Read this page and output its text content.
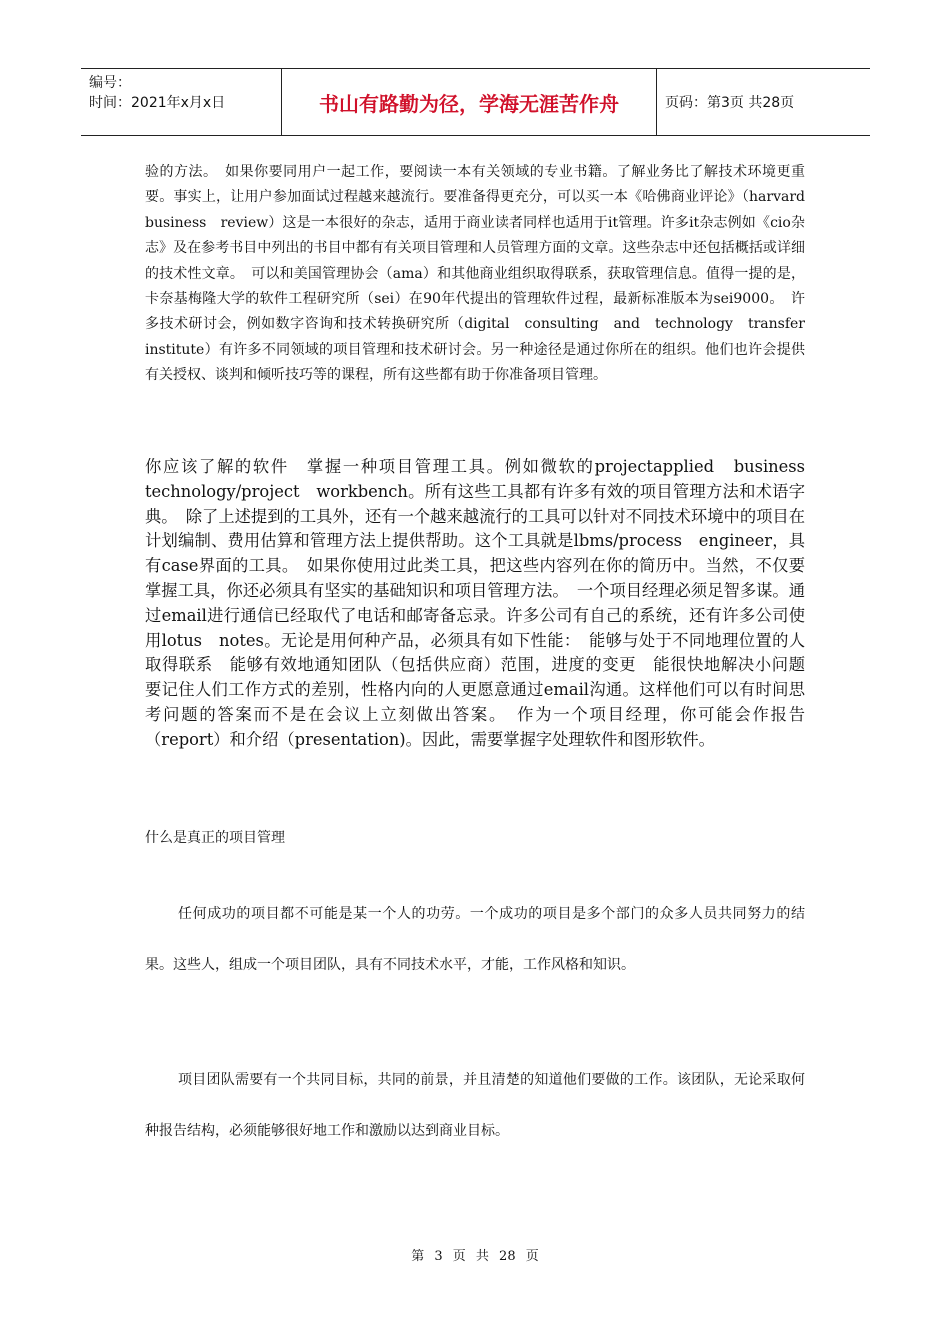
编号：
时间：2021年x月x日	书山有路勤为径，学海无涯苦作舟	页码：第3页 共28页

验的方法。　如果你要同用户一起工作，要阅读一本有关领域的专业书籍。了解业务比了解技术环境更重要。事实上，让用户参加面试过程越来越流行。要准备得更充分，可以买一本《哈佛商业评论》（harvard　business　review）这是一本很好的杂志，适用于商业读者同样也适用于it管理。许多it杂志例如《cio杂志》及在参考书目中列出的书目中都有有关项目管理和人员管理方面的文章。这些杂志中还包括概括或详细的技术性文章。　可以和美国管理协会（ama）和其他商业组织取得联系，获取管理信息。值得一提的是，卡奈基梅隆大学的软件工程研究所（sei）在90年代提出的管理软件过程，最新标准版本为sei9000。　许多技术研讨会，例如数字咨询和技术转换研究所（digital　consulting　and　technology　transfer　institute）有许多不同领域的项目管理和技术研讨会。另一种途径是通过你所在的组织。他们也许会提供有关授权、谈判和倾听技巧等的课程，所有这些都有助于你准备项目管理。

你应该了解的软件　掌握一种项目管理工具。例如微软的projectapplied　business　technology/project　workbench。所有这些工具都有许多有效的项目管理方法和术语字典。　除了上述提到的工具外，还有一个越来越流行的工具可以针对不同技术环境中的项目在计划编制、费用估算和管理方法上提供帮助。这个工具就是lbms/process　engineer，具有case界面的工具。　如果你使用过此类工具，把这些内容列在你的简历中。当然，不仅要掌握工具，你还必须具有坚实的基础知识和项目管理方法。　一个项目经理必须足智多谋。通过email进行通信已经取代了电话和邮寄备忘录。许多公司有自己的系统，还有许多公司使用lotus　notes。无论是用何种产品，必须具有如下性能：　能够与处于不同地理位置的人取得联系　能够有效地通知团队（包括供应商）范围，进度的变更　能很快地解决小问题　要记住人们工作方式的差别，性格内向的人更愿意通过email沟通。这样他们可以有时间思考问题的答案而不是在会议上立刻做出答案。　作为一个项目经理，你可能会作报告（report）和介绍（presentation)。因此，需要掌握字处理软件和图形软件。

什么是真正的项目管理

任何成功的项目都不可能是某一个人的功劳。一个成功的项目是多个部门的众多人员共同努力的结果。这些人，组成一个项目团队，具有不同技术水平，才能，工作风格和知识。

项目团队需要有一个共同目标，共同的前景，并且清楚的知道他们要做的工作。该团队，无论采取何种报告结构，必须能够很好地工作和激励以达到商业目标。

第 3 页 共 28 页
